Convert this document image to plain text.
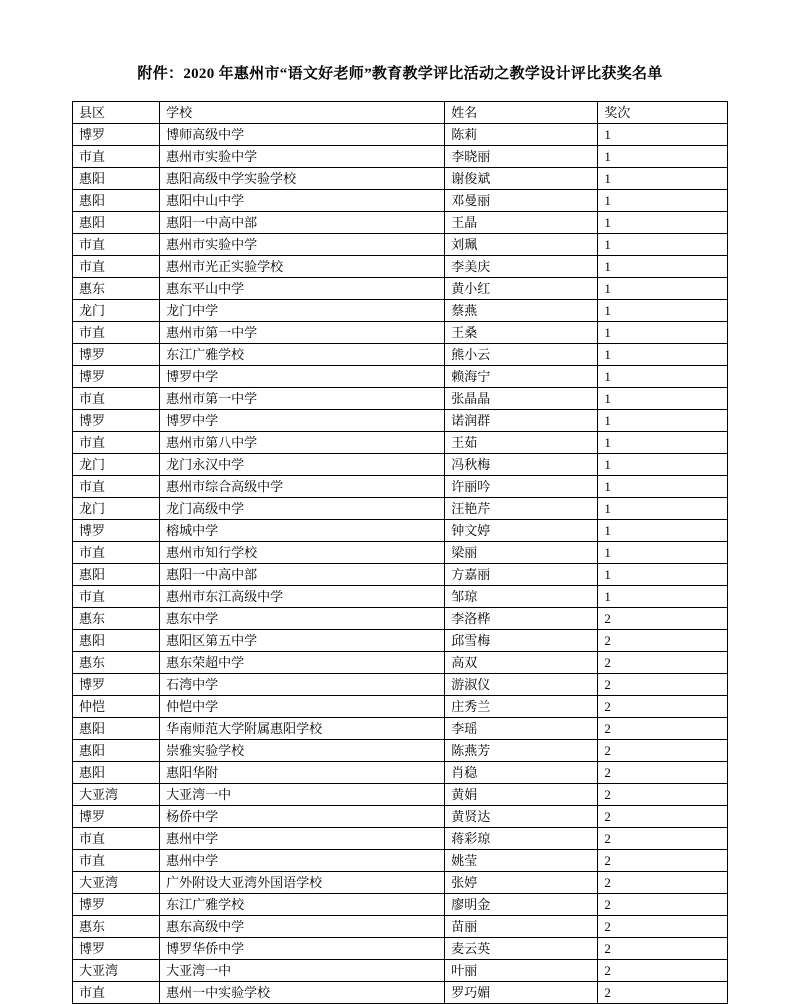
附件：2020 年惠州市“语文好老师”教育教学评比活动之教学设计评比获奖名单
县区	学校	姓名	奖次
博罗	博师高级中学	陈莉	1
市直	惠州市实验中学	李晓丽	1
惠阳	惠阳高级中学实验学校	谢俊斌	1
惠阳	惠阳中山中学	邓曼丽	1
惠阳	惠阳一中高中部	王晶	1
市直	惠州市实验中学	刘珮	1
市直	惠州市光正实验学校	李美庆	1
惠东	惠东平山中学	黄小红	1
龙门	龙门中学	蔡燕	1
市直	惠州市第一中学	王桑	1
博罗	东江广雅学校	熊小云	1
博罗	博罗中学	赖海宁	1
市直	惠州市第一中学	张晶晶	1
博罗	博罗中学	诺润群	1
市直	惠州市第八中学	王茹	1
龙门	龙门永汉中学	冯秋梅	1
市直	惠州市综合高级中学	许丽吟	1
龙门	龙门高级中学	汪艳芹	1
博罗	榕城中学	钟文婷	1
市直	惠州市知行学校	梁丽	1
惠阳	惠阳一中高中部	方嘉丽	1
市直	惠州市东江高级中学	邹琼	1
惠东	惠东中学	李洛桦	2
惠阳	惠阳区第五中学	邱雪梅	2
惠东	惠东荣超中学	高双	2
博罗	石湾中学	游淑仪	2
仲恺	仲恺中学	庄秀兰	2
惠阳	华南师范大学附属惠阳学校	李瑶	2
惠阳	崇雅实验学校	陈燕芳	2
惠阳	惠阳华附	肖稳	2
大亚湾	大亚湾一中	黄娟	2
博罗	杨侨中学	黄贤达	2
市直	惠州中学	蒋彩琼	2
市直	惠州中学	姚莹	2
大亚湾	广外附设大亚湾外国语学校	张婷	2
博罗	东江广雅学校	廖明金	2
惠东	惠东高级中学	苗丽	2
博罗	博罗华侨中学	麦云英	2
大亚湾	大亚湾一中	叶丽	2
市直	惠州一中实验学校	罗巧媚	2
